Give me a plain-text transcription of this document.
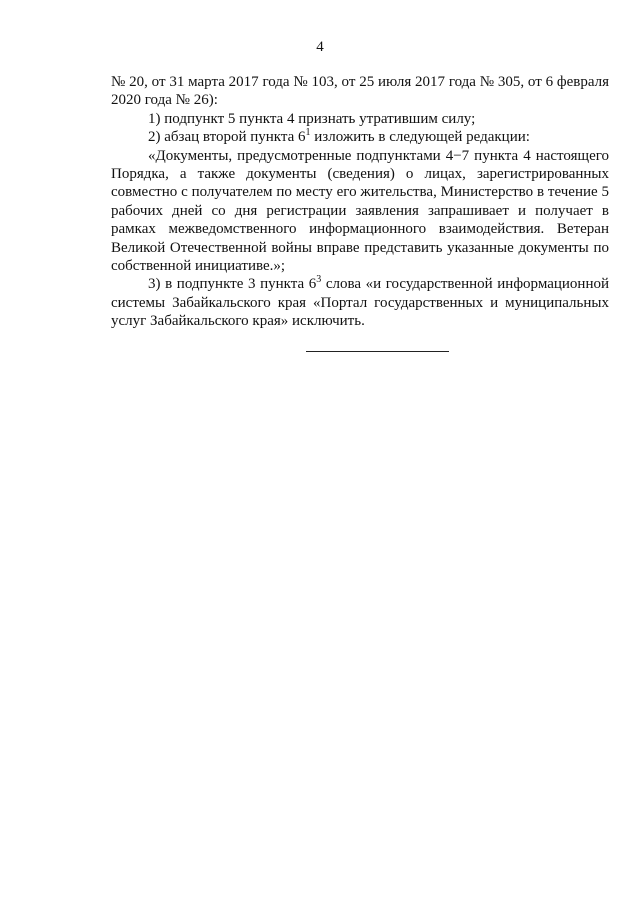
4

№ 20, от 31 марта 2017 года № 103, от 25 июля 2017 года № 305, от 6 февраля 2020 года № 26):

1) подпункт 5 пункта 4 признать утратившим силу;

2) абзац второй пункта $6^1$ изложить в следующей редакции:

«Документы, предусмотренные подпунктами 4−7 пункта 4 настоящего Порядка, а также документы (сведения) о лицах, зарегистрированных совместно с получателем по месту его жительства, Министерство в течение 5 рабочих дней со дня регистрации заявления запрашивает и получает в рамках межведомственного информационного взаимодействия. Ветеран Великой Отечественной войны вправе представить указанные документы по собственной инициативе.»;

3) в подпункте 3 пункта $6^3$ слова «и государственной информационной системы Забайкальского края «Портал государственных и муниципальных услуг Забайкальского края» исключить.
